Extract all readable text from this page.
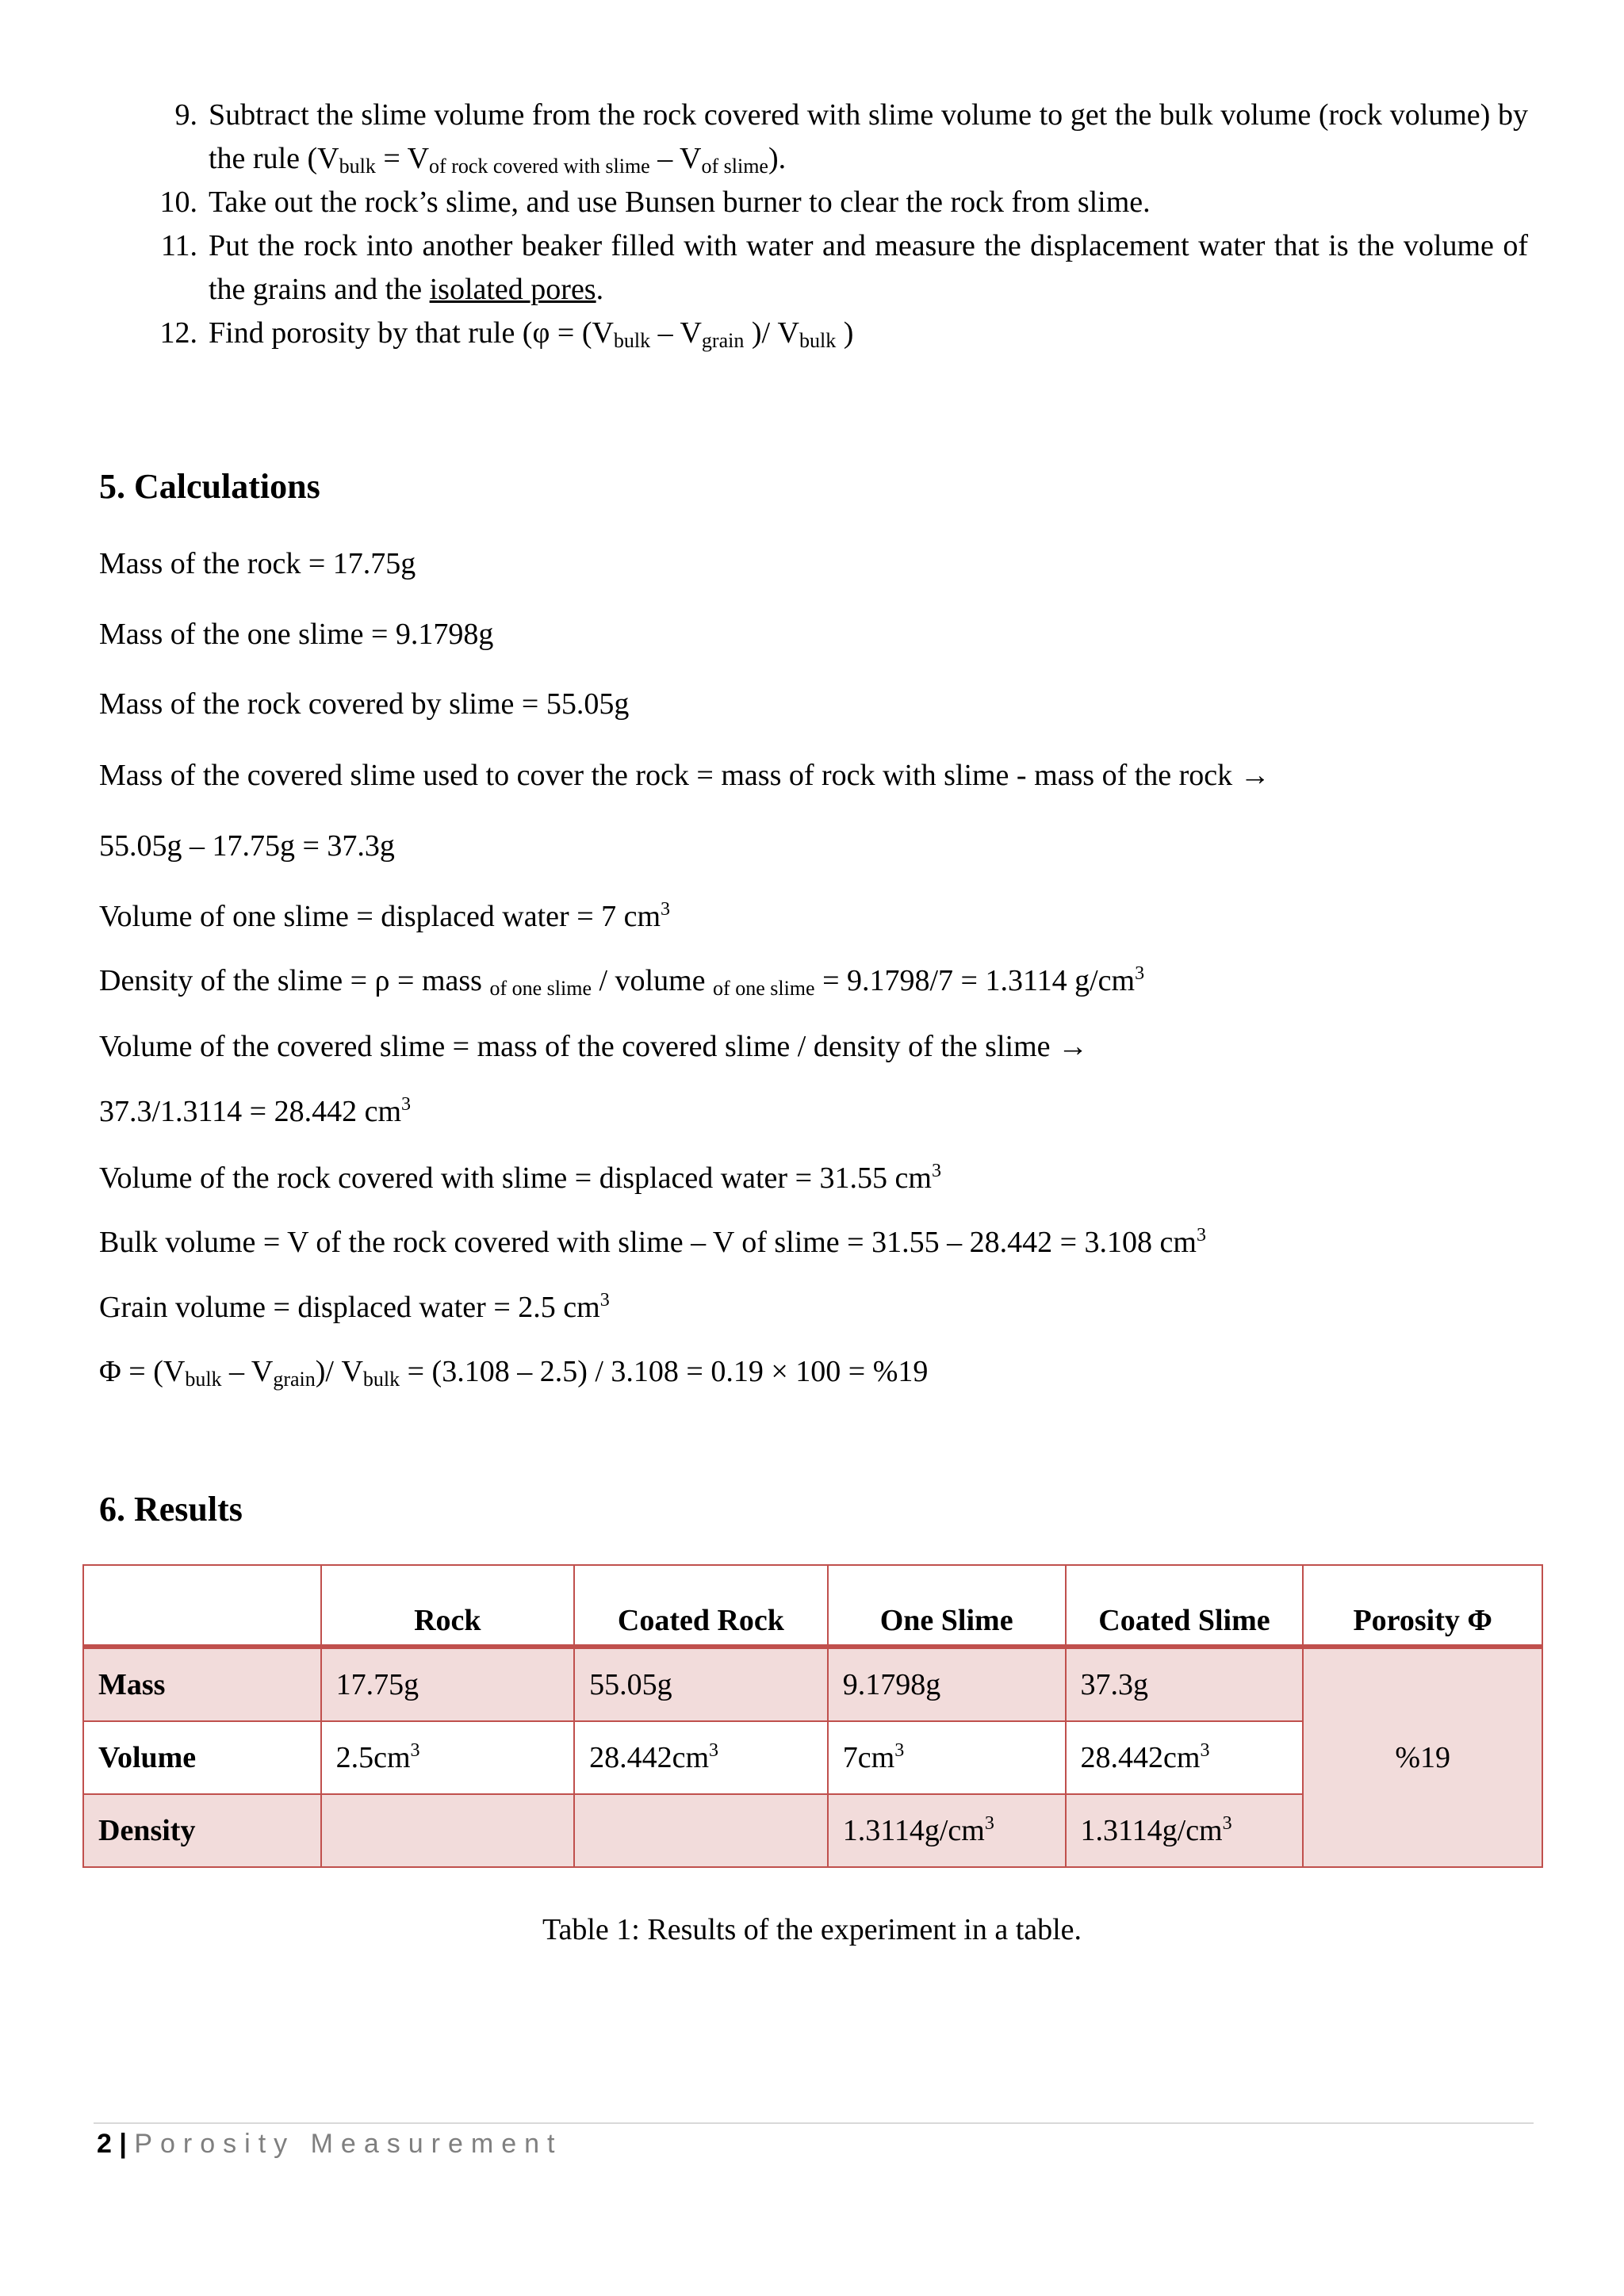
9. Subtract the slime volume from the rock covered with slime volume to get the bulk volume (rock volume) by the rule $(V_{bulk} = V_{of rock covered with slime} - V_{of slime})$.
10. Take out the rock’s slime, and use Bunsen burner to clear the rock from slime.
11. Put the rock into another beaker filled with water and measure the displacement water that is the volume of the grains and the isolated pores.
12. Find porosity by that rule ($\varphi = (V_{bulk} - V_{grain}$ )/ $V_{bulk}$ )
5. Calculations
Mass of the rock = 17.75g
Mass of the one slime = 9.1798g
Mass of the rock covered by slime = 55.05g
Mass of the covered slime used to cover the rock = mass of rock with slime - mass of the rock →
55.05g – 17.75g = 37.3g
Volume of one slime = displaced water = 7 $cm^3$
Density of the slime = ρ = mass $_{of one slime}$ / volume $_{of one slime}$ = 9.1798/7 = 1.3114 $g/cm^3$
Volume of the covered slime = mass of the covered slime / density of the slime →
37.3/1.3114 = 28.442 $cm^3$
Volume of the rock covered with slime = displaced water = 31.55 $cm^3$
Bulk volume = V of the rock covered with slime – V of slime = 31.55 – 28.442 = 3.108 $cm^3$
Grain volume = displaced water = 2.5 $cm^3$
$\Phi = (V_{bulk} - V_{grain})/$ $V_{bulk} = (3.108 - 2.5) / 3.108 = 0.19 \times 100 = \%19$
6. Results
	Rock	Coated Rock	One Slime	Coated Slime	Porosity Φ
Mass	17.75g	55.05g	9.1798g	37.3g	%19
Volume	$2.5cm^3$	$28.442cm^3$	$7cm^3$	$28.442cm^3$
Density			$1.3114g/cm^3$	$1.3114g/cm^3$
Table 1: Results of the experiment in a table.
2 | Porosity Measurement
